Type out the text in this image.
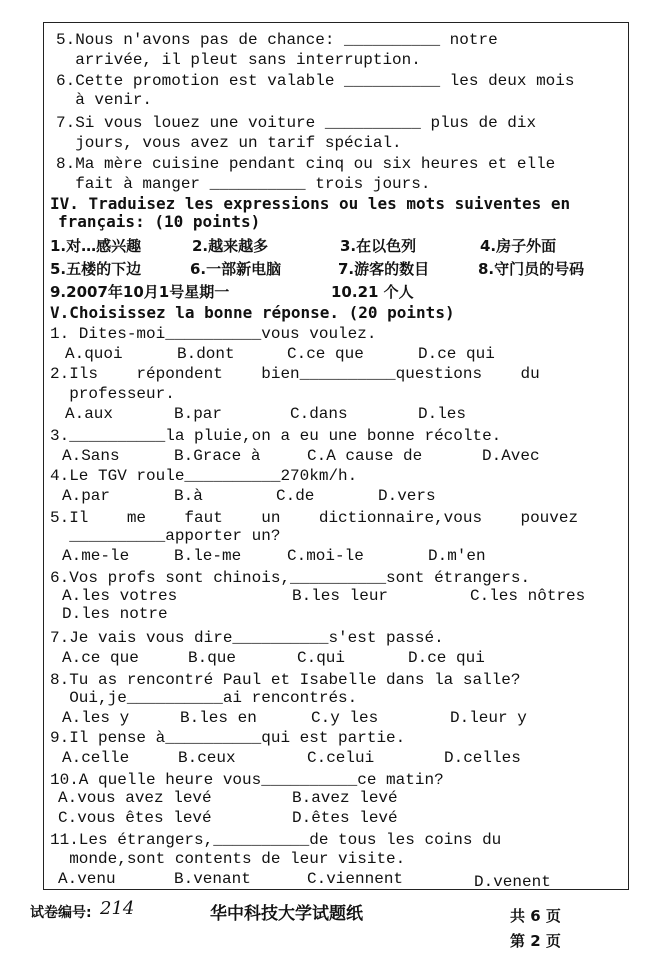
5.Nous n'avons pas de chance: __________ notre
arrivée, il pleut sans interruption.
6.Cette promotion est valable __________ les deux mois
à venir.
7.Si vous louez une voiture __________ plus de dix
jours, vous avez un tarif spécial.
8.Ma mère cuisine pendant cinq ou six heures et elle
fait à manger __________ trois jours.
IV. Traduisez les expressions ou les mots suiventes en
français: (10 points)
1.对…感兴趣	2.越来越多	3.在以色列	4.房子外面
5.五楼的下边	6.一部新电脑	7.游客的数目	8.守门员的号码
9.2007年10月1号星期一	10.21 个人
V.Choisissez la bonne réponse. (20 points)
1. Dites-moi__________vous voulez.
A.quoi	B.dont	C.ce que	D.ce qui
2.Ils    répondent    bien__________questions    du
professeur.
A.aux	B.par	C.dans	D.les
3.__________la pluie,on a eu une bonne récolte.
A.Sans	B.Grace à	C.A cause de	D.Avec
4.Le TGV roule__________270km/h.
A.par	B.à	C.de	D.vers
5.Il    me    faut    un    dictionnaire,vous    pouvez
__________apporter un?
A.me-le	B.le-me	C.moi-le	D.m'en
6.Vos profs sont chinois,__________sont étrangers.
A.les votres	B.les leur	C.les nôtres
D.les notre
7.Je vais vous dire__________s'est passé.
A.ce que	B.que	C.qui	D.ce qui
8.Tu as rencontré Paul et Isabelle dans la salle?
Oui,je__________ai rencontrés.
A.les y	B.les en	C.y les	D.leur y
9.Il pense à__________qui est partie.
A.celle	B.ceux	C.celui	D.celles
10.A quelle heure vous__________ce matin?
A.vous avez levé	B.avez levé
C.vous êtes levé	D.êtes levé
11.Les étrangers,__________de tous les coins du
monde,sont contents de leur visite.
A.venu	B.venant	C.viennent	D.venent
试卷编号: 214	华中科技大学试题纸	共 6 页
第 2 页
